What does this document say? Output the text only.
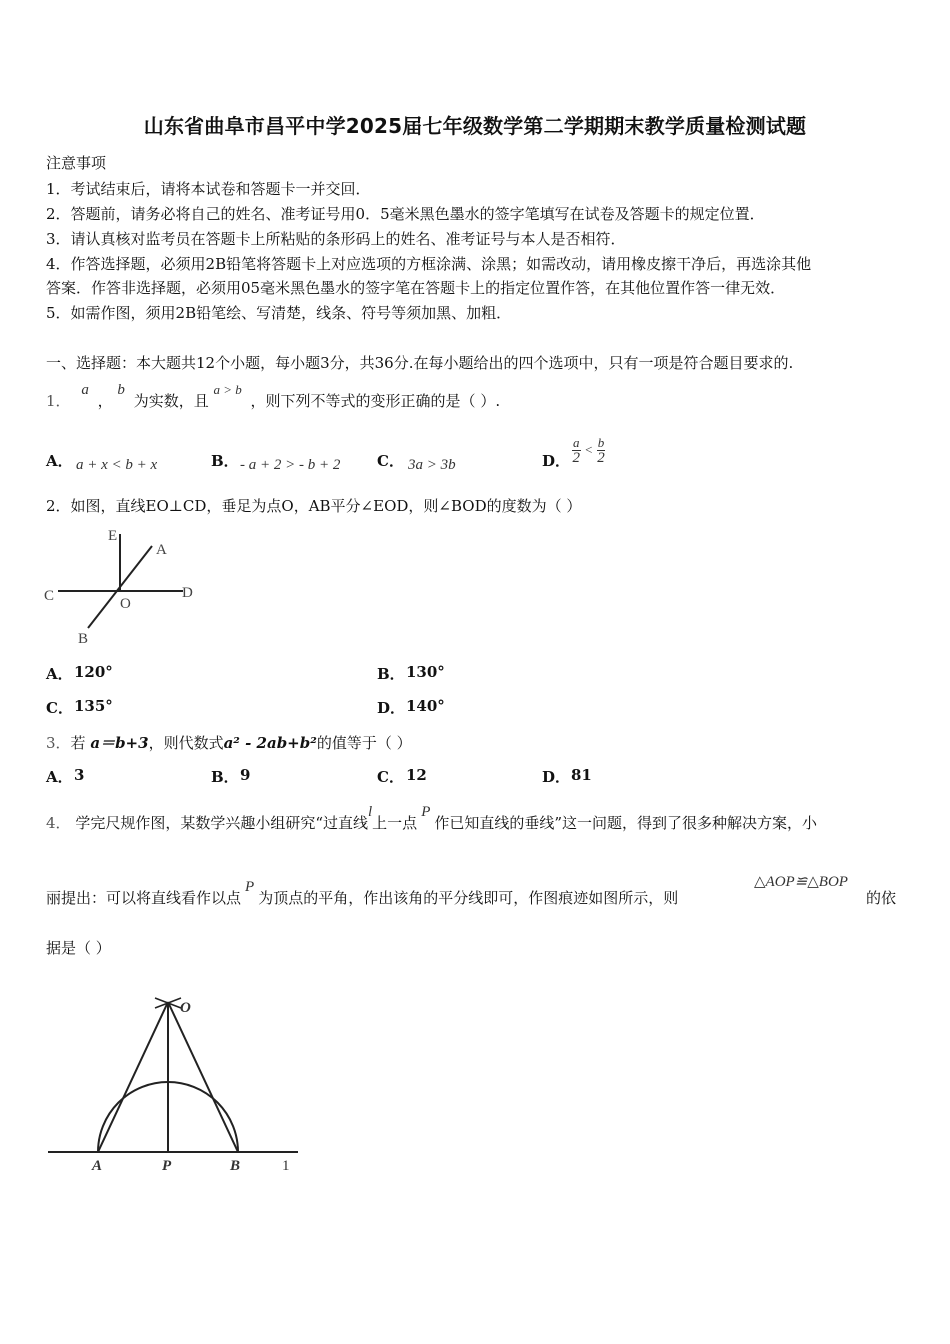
山东省曲阜市昌平中学2025届七年级数学第二学期期末教学质量检测试题
注意事项
1．考试结束后，请将本试卷和答题卡一并交回．
2．答题前，请务必将自己的姓名、准考证号用0．5毫米黑色墨水的签字笔填写在试卷及答题卡的规定位置．
3．请认真核对监考员在答题卡上所粘贴的条形码上的姓名、准考证号与本人是否相符．
4．作答选择题，必须用2B铅笔将答题卡上对应选项的方框涂满、涂黑；如需改动，请用橡皮擦干净后，再选涂其他
答案．作答非选择题，必须用05毫米黑色墨水的签字笔在答题卡上的指定位置作答，在其他位置作答一律无效．
5．如需作图，须用2B铅笔绘、写清楚，线条、符号等须加黑、加粗．
一、选择题：本大题共12个小题，每小题3分，共36分.在每小题给出的四个选项中，只有一项是符合题目要求的.
1． a ， b 为实数，且 a > b ，则下列不等式的变形正确的是（ ）.
A． a + x < b + x	B． - a + 2 > - b + 2 C． 3a > 3b	D． $\frac{a}{2} < \frac{b}{2}$
2．如图，直线EO⊥CD，垂足为点O，AB平分∠EOD，则∠BOD的度数为（ ）
E
A
C	O
D
B
A． 120°	B． 130°
C． 135°	D． 140°
3．若 a＝b+3，则代数式a² - 2ab+b²的值等于（ ）
A． 3	B． 9	C． 12	D． 81
4． 学完尺规作图，某数学兴趣小组研究“过直线l上一点P作已知直线的垂线”这一问题，得到了很多种解决方案，小
丽提出：可以将直线看作以点P为顶点的平角，作出该角的平分线即可，作图痕迹如图所示，则
△AOP≌△BOP
的依
据是（ ）
O
A	P	B	1
